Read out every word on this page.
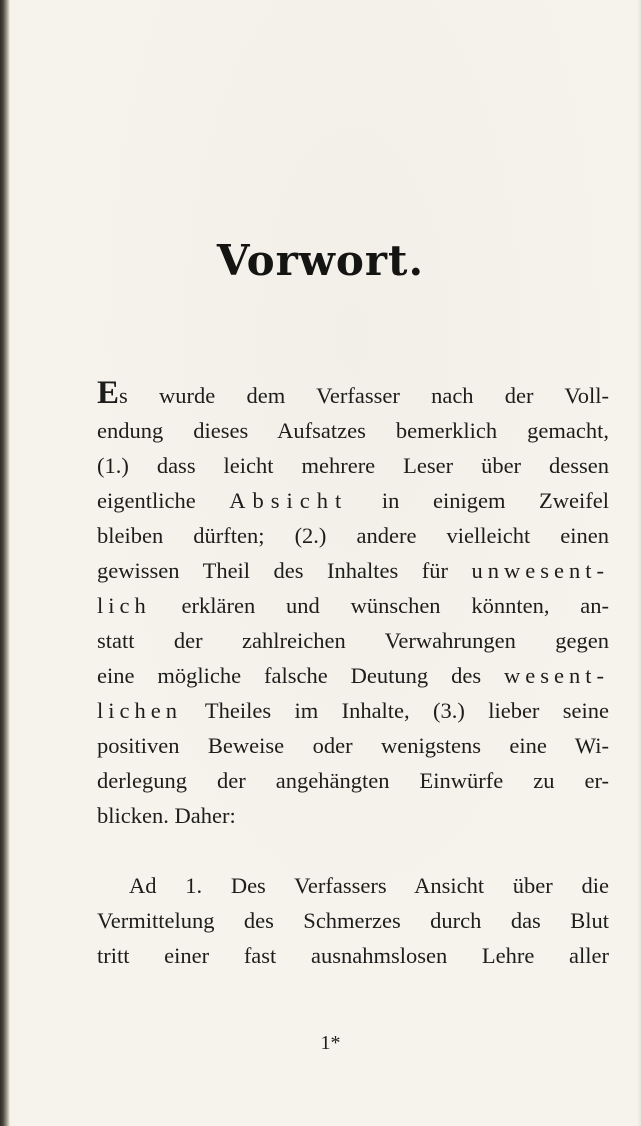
Vorwort.
Es wurde dem Verfasser nach der Voll-
endung dieses Aufsatzes bemerklich gemacht,
(1.) dass leicht mehrere Leser über dessen
eigentliche Absicht in einigem Zweifel
bleiben dürften; (2.) andere vielleicht einen
gewissen Theil des Inhaltes für unwesent-
lich erklären und wünschen könnten, an-
statt der zahlreichen Verwahrungen gegen
eine mögliche falsche Deutung des wesent-
lichen Theiles im Inhalte, (3.) lieber seine
positiven Beweise oder wenigstens eine Wi-
derlegung der angehängten Einwürfe zu er-
blicken. Daher:
Ad 1. Des Verfassers Ansicht über die
Vermittelung des Schmerzes durch das Blut
tritt einer fast ausnahmslosen Lehre aller
1*
